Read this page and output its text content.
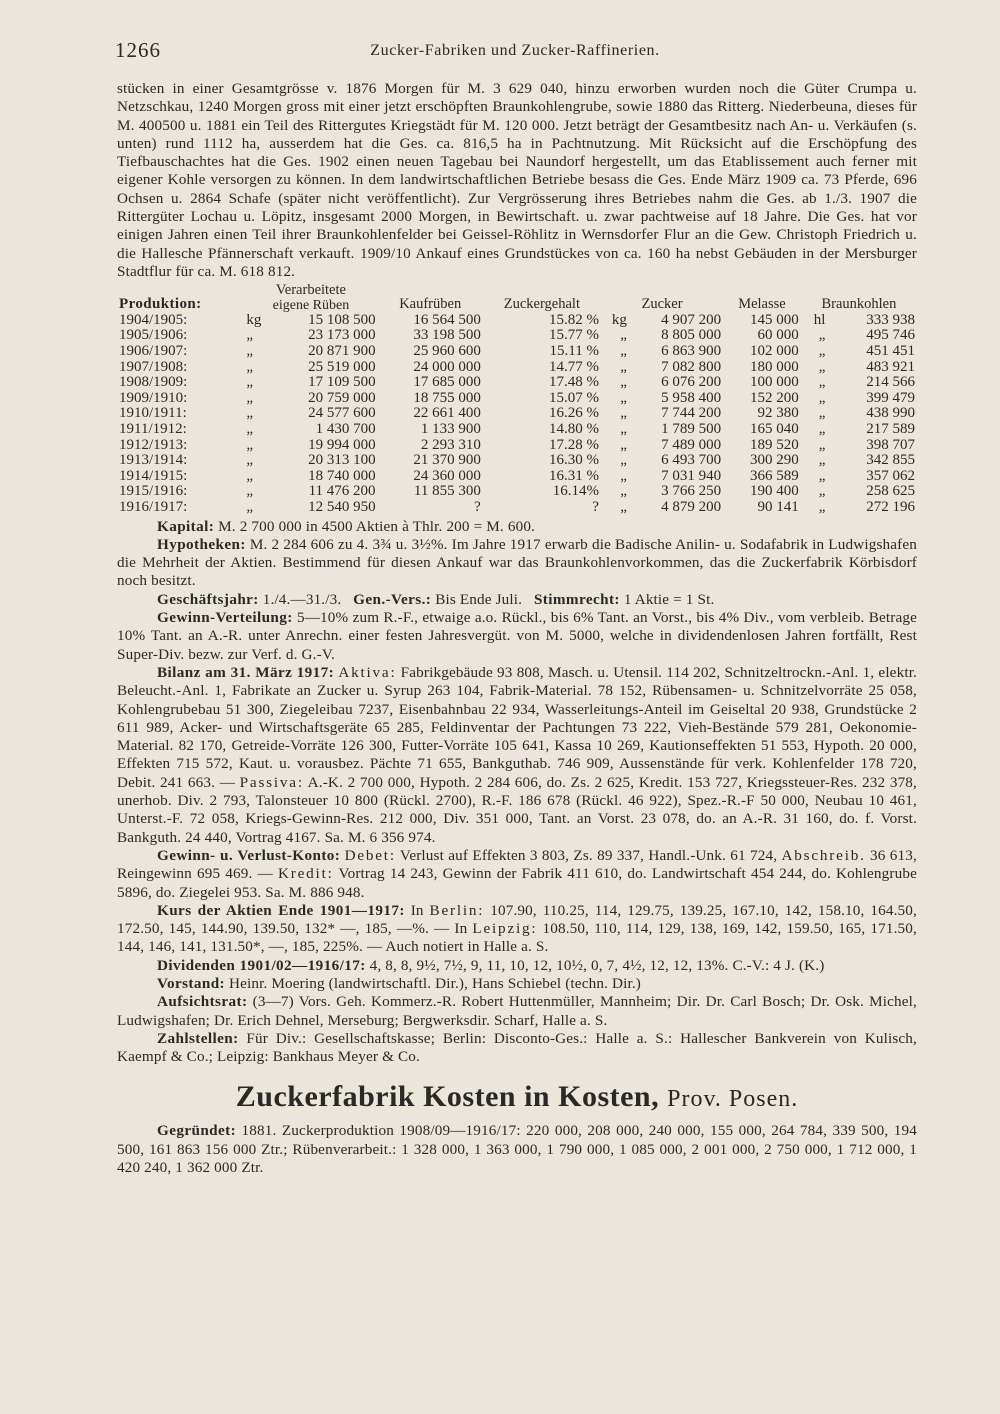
1266	Zucker-Fabriken und Zucker-Raffinerien.

stücken in einer Gesamtgrösse v. 1876 Morgen für M. 3 629 040, hinzu erworben wurden noch die Güter Crumpa u. Netzschkau, 1240 Morgen gross mit einer jetzt erschöpften Braunkohlengrube, sowie 1880 das Ritterg. Niederbeuna, dieses für M. 400500 u. 1881 ein Teil des Rittergutes Kriegstädt für M. 120 000. Jetzt beträgt der Gesamtbesitz nach An- u. Verkäufen (s. unten) rund 1112 ha, ausserdem hat die Ges. ca. 816,5 ha in Pachtnutzung. Mit Rücksicht auf die Erschöpfung des Tiefbauschachtes hat die Ges. 1902 einen neuen Tagebau bei Naundorf hergestellt, um das Etablissement auch ferner mit eigener Kohle versorgen zu können. In dem landwirtschaftlichen Betriebe besass die Ges. Ende März 1909 ca. 73 Pferde, 696 Ochsen u. 2864 Schafe (später nicht veröffentlicht). Zur Vergrösserung ihres Betriebes nahm die Ges. ab 1./3. 1907 die Rittergüter Lochau u. Löpitz, insgesamt 2000 Morgen, in Bewirtschaft. u. zwar pachtweise auf 18 Jahre. Die Ges. hat vor einigen Jahren einen Teil ihrer Braunkohlenfelder bei Geissel-Röhlitz in Wernsdorfer Flur an die Gew. Christoph Friedrich u. die Hallesche Pfännerschaft verkauft. 1909/10 Ankauf eines Grundstückes von ca. 160 ha nebst Gebäuden in der Mersburger Stadtflur für ca. M. 618 812.

Produktion:	Verarbeitete
eigene Rüben		Kaufrüben	Zuckergehalt	Zucker		Melasse	Braunkohlen	
1904/1905:	kg	15 108 500	16 564 500	15.82 %	kg	4 907 200	145 000	hl	333 938
1905/1906:	„	23 173 000	33 198 500	15.77 %	„	8 805 000	60 000	„	495 746
1906/1907:	„	20 871 900	25 960 600	15.11 %	„	6 863 900	102 000	„	451 451
1907/1908:	„	25 519 000	24 000 000	14.77 %	„	7 082 800	180 000	„	483 921
1908/1909:	„	17 109 500	17 685 000	17.48 %	„	6 076 200	100 000	„	214 566
1909/1910:	„	20 759 000	18 755 000	15.07 %	„	5 958 400	152 200	„	399 479
1910/1911:	„	24 577 600	22 661 400	16.26 %	„	7 744 200	92 380	„	438 990
1911/1912:	„	1 430 700	1 133 900	14.80 %	„	1 789 500	165 040	„	217 589
1912/1913:	„	19 994 000	2 293 310	17.28 %	„	7 489 000	189 520	„	398 707
1913/1914:	„	20 313 100	21 370 900	16.30 %	„	6 493 700	300 290	„	342 855
1914/1915:	„	18 740 000	24 360 000	16.31 %	„	7 031 940	366 589	„	357 062
1915/1916:	„	11 476 200	11 855 300	16.14%	„	3 766 250	190 400	„	258 625
1916/1917:	„	12 540 950	?	?	„	4 879 200	90 141	„	272 196

Kapital: M. 2 700 000 in 4500 Aktien à Thlr. 200 = M. 600.

Hypotheken: M. 2 284 606 zu 4. 3¾ u. 3½%. Im Jahre 1917 erwarb die Badische Anilin- u. Sodafabrik in Ludwigshafen die Mehrheit der Aktien. Bestimmend für diesen Ankauf war das Braunkohlenvorkommen, das die Zuckerfabrik Körbisdorf noch besitzt.

Geschäftsjahr: 1./4.—31./3. Gen.-Vers.: Bis Ende Juli. Stimmrecht: 1 Aktie = 1 St.

Gewinn-Verteilung: 5—10% zum R.-F., etwaige a.o. Rückl., bis 6% Tant. an Vorst., bis 4% Div., vom verbleib. Betrage 10% Tant. an A.-R. unter Anrechn. einer festen Jahresvergüt. von M. 5000, welche in dividendenlosen Jahren fortfällt, Rest Super-Div. bezw. zur Verf. d. G.-V.

Bilanz am 31. März 1917: Aktiva: Fabrikgebäude 93 808, Masch. u. Utensil. 114 202, Schnitzeltrockn.-Anl. 1, elektr. Beleucht.-Anl. 1, Fabrikate an Zucker u. Syrup 263 104, Fabrik-Material. 78 152, Rübensamen- u. Schnitzelvorräte 25 058, Kohlengrubebau 51 300, Ziegeleibau 7237, Eisenbahnbau 22 934, Wasserleitungs-Anteil im Geiseltal 20 938, Grundstücke 2 611 989, Acker- und Wirtschaftsgeräte 65 285, Feldinventar der Pachtungen 73 222, Vieh-Bestände 579 281, Oekonomie-Material. 82 170, Getreide-Vorräte 126 300, Futter-Vorräte 105 641, Kassa 10 269, Kautionseffekten 51 553, Hypoth. 20 000, Effekten 715 572, Kaut. u. vorausbez. Pächte 71 655, Bankguthab. 746 909, Aussenstände für verk. Kohlenfelder 178 720, Debit. 241 663. — Passiva: A.-K. 2 700 000, Hypoth. 2 284 606, do. Zs. 2 625, Kredit. 153 727, Kriegssteuer-Res. 232 378, unerhob. Div. 2 793, Talonsteuer 10 800 (Rückl. 2700), R.-F. 186 678 (Rückl. 46 922), Spez.-R.-F 50 000, Neubau 10 461, Unterst.-F. 72 058, Kriegs-Gewinn-Res. 212 000, Div. 351 000, Tant. an Vorst. 23 078, do. an A.-R. 31 160, do. f. Vorst. Bankguth. 24 440, Vortrag 4167. Sa. M. 6 356 974.

Gewinn- u. Verlust-Konto: Debet: Verlust auf Effekten 3 803, Zs. 89 337, Handl.-Unk. 61 724, Abschreib. 36 613, Reingewinn 695 469. — Kredit: Vortrag 14 243, Gewinn der Fabrik 411 610, do. Landwirtschaft 454 244, do. Kohlengrube 5896, do. Ziegelei 953. Sa. M. 886 948.

Kurs der Aktien Ende 1901—1917: In Berlin: 107.90, 110.25, 114, 129.75, 139.25, 167.10, 142, 158.10, 164.50, 172.50, 145, 144.90, 139.50, 132* —, 185, —%. — In Leipzig: 108.50, 110, 114, 129, 138, 169, 142, 159.50, 165, 171.50, 144, 146, 141, 131.50*, —, 185, 225%. — Auch notiert in Halle a. S.

Dividenden 1901/02—1916/17: 4, 8, 8, 9½, 7½, 9, 11, 10, 12, 10½, 0, 7, 4½, 12, 12, 13%. C.-V.: 4 J. (K.)

Vorstand: Heinr. Moering (landwirtschaftl. Dir.), Hans Schiebel (techn. Dir.)

Aufsichtsrat: (3—7) Vors. Geh. Kommerz.-R. Robert Huttenmüller, Mannheim; Dir. Dr. Carl Bosch; Dr. Osk. Michel, Ludwigshafen; Dr. Erich Dehnel, Merseburg; Bergwerksdir. Scharf, Halle a. S.

Zahlstellen: Für Div.: Gesellschaftskasse; Berlin: Disconto-Ges.: Halle a. S.: Hallescher Bankverein von Kulisch, Kaempf & Co.; Leipzig: Bankhaus Meyer & Co.

Zuckerfabrik Kosten in Kosten, Prov. Posen.

Gegründet: 1881. Zuckerproduktion 1908/09—1916/17: 220 000, 208 000, 240 000, 155 000, 264 784, 339 500, 194 500, 161 863 156 000 Ztr.; Rübenverarbeit.: 1 328 000, 1 363 000, 1 790 000, 1 085 000, 2 001 000, 2 750 000, 1 712 000, 1 420 240, 1 362 000 Ztr.
